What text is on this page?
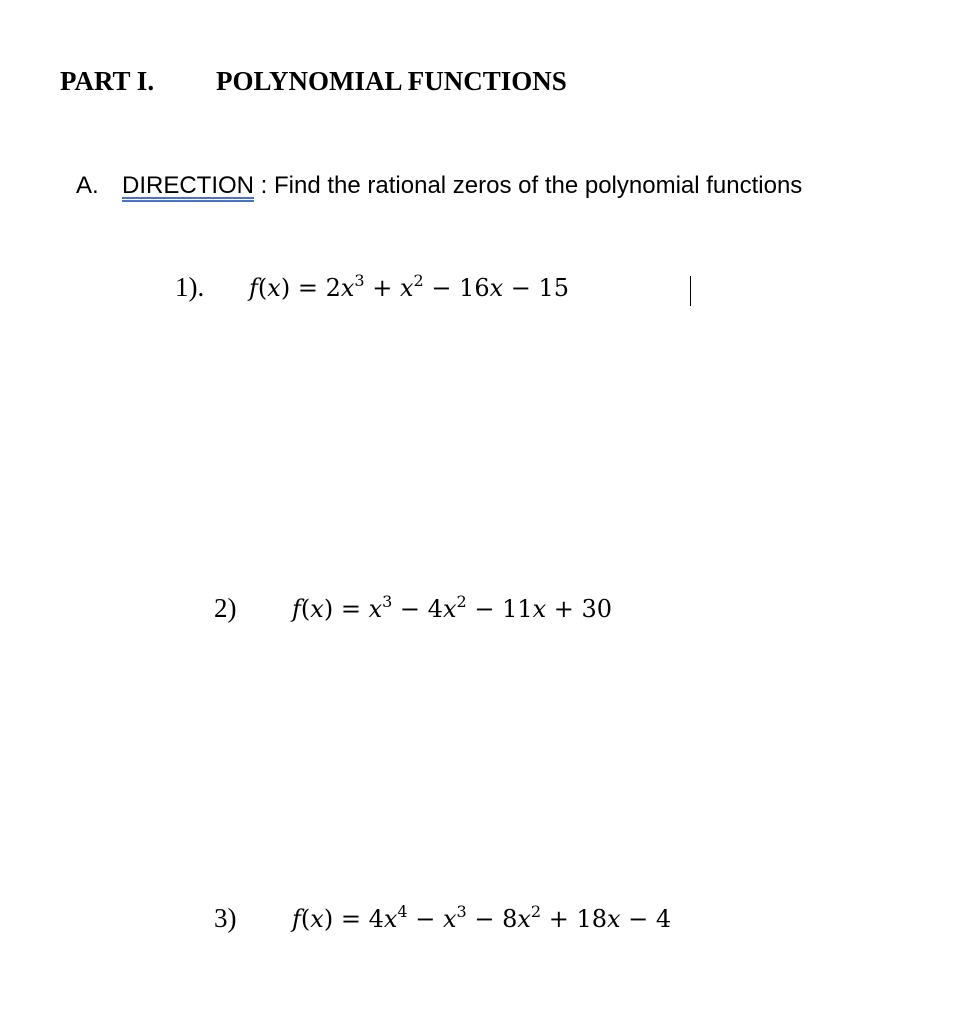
PART I. POLYNOMIAL FUNCTIONS
A. DIRECTION : Find the rational zeros of the polynomial functions
1). $f(x) = 2x^3 + x^2 - 16x - 15$
2) $f(x) = x^3 - 4x^2 - 11x + 30$
3) $f(x) = 4x^4 - x^3 - 8x^2 + 18x - 4$
